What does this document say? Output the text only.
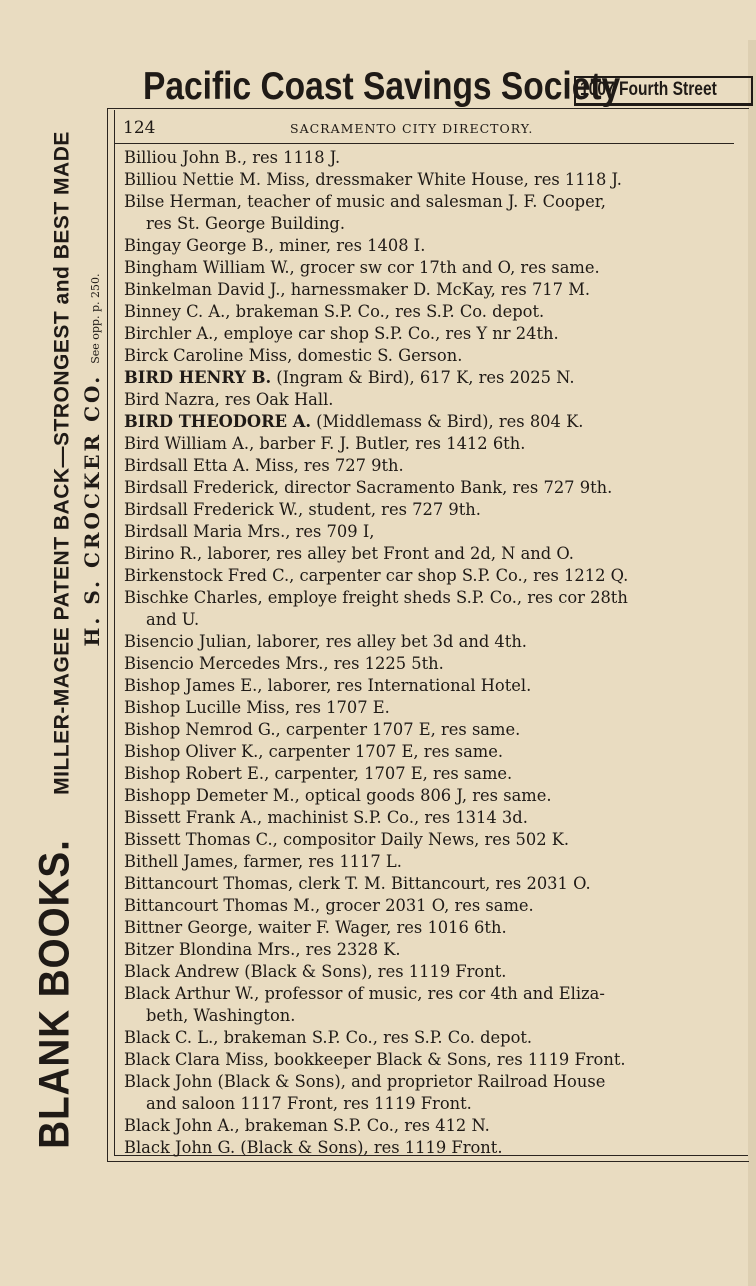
BLANK BOOKS.
MILLER-MAGEE PATENT BACK—STRONGEST and BEST MADE H. S. CROCKER CO.
See opp. p. 250.
Pacific Coast Savings Society
1007 Fourth Street
124	SACRAMENTO CITY DIRECTORY.
Billiou John B., res 1118 J.
Billiou Nettie M. Miss, dressmaker White House, res 1118 J.
Bilse Herman, teacher of music and salesman J. F. Cooper,
res St. George Building.
Bingay George B., miner, res 1408 I.
Bingham William W., grocer sw cor 17th and O, res same.
Binkelman David J., harnessmaker D. McKay, res 717 M.
Binney C. A., brakeman S.P. Co., res S.P. Co. depot.
Birchler A., employe car shop S.P. Co., res Y nr 24th.
Birck Caroline Miss, domestic S. Gerson.
BIRD HENRY B. (Ingram & Bird), 617 K, res 2025 N.
Bird Nazra, res Oak Hall.
BIRD THEODORE A. (Middlemass & Bird), res 804 K.
Bird William A., barber F. J. Butler, res 1412 6th.
Birdsall Etta A. Miss, res 727 9th.
Birdsall Frederick, director Sacramento Bank, res 727 9th.
Birdsall Frederick W., student, res 727 9th.
Birdsall Maria Mrs., res 709 I,
Birino R., laborer, res alley bet Front and 2d, N and O.
Birkenstock Fred C., carpenter car shop S.P. Co., res 1212 Q.
Bischke Charles, employe freight sheds S.P. Co., res cor 28th
and U.
Bisencio Julian, laborer, res alley bet 3d and 4th.
Bisencio Mercedes Mrs., res 1225 5th.
Bishop James E., laborer, res International Hotel.
Bishop Lucille Miss, res 1707 E.
Bishop Nemrod G., carpenter 1707 E, res same.
Bishop Oliver K., carpenter 1707 E, res same.
Bishop Robert E., carpenter, 1707 E, res same.
Bishopp Demeter M., optical goods 806 J, res same.
Bissett Frank A., machinist S.P. Co., res 1314 3d.
Bissett Thomas C., compositor Daily News, res 502 K.
Bithell James, farmer, res 1117 L.
Bittancourt Thomas, clerk T. M. Bittancourt, res 2031 O.
Bittancourt Thomas M., grocer 2031 O, res same.
Bittner George, waiter F. Wager, res 1016 6th.
Bitzer Blondina Mrs., res 2328 K.
Black Andrew (Black & Sons), res 1119 Front.
Black Arthur W., professor of music, res cor 4th and Eliza-
beth, Washington.
Black C. L., brakeman S.P. Co., res S.P. Co. depot.
Black Clara Miss, bookkeeper Black & Sons, res 1119 Front.
Black John (Black & Sons), and proprietor Railroad House
and saloon 1117 Front, res 1119 Front.
Black John A., brakeman S.P. Co., res 412 N.
Black John G. (Black & Sons), res 1119 Front.
